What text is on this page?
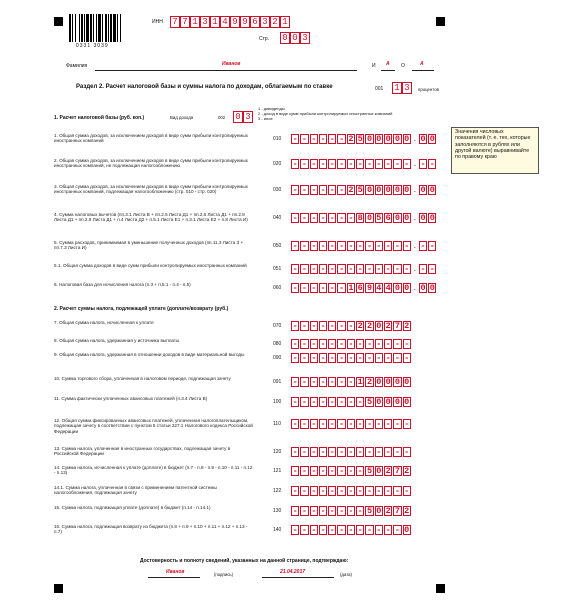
0331 3039
ИНН 7 7 1 3 1 4 9 9 6 3 2 1
Стр. 0 0 3
Фамилия	Иванов	И А О	А
Раздел 2. Расчет налоговой базы и суммы налога по доходам, облагаемым по ставке	001 1 3	процентов
1. Расчет налоговой базы (руб. коп.)	Вид дохода	002 0 3
1 - дивиденды
2 - доход в виде сумм прибыли контролируемых иностранных компаний
3 - иное
Значения числовых показателей (т. е. тех, которые заполняются в рублях или другой валюте) выравнивайте по правому краю
1. Общая сумма доходов, за исключением доходов в виде сумм прибыли контролируемых иностранных компаний	010 - - - - - - 2 5 0 0 0 0 0 . 0 0
2. Общая сумма доходов, за исключением доходов в виде сумм прибыли контролируемых иностранных компаний, не подлежащая налогообложению	020 - - - - - - - - - - - - - . - -
3. Общая сумма доходов, за исключением доходов в виде сумм прибыли контролируемых иностранных компаний, подлежащая налогообложению (стр. 010 - стр. 020)	030 - - - - - - 2 5 0 0 0 0 0 . 0 0
4. Сумма налоговых вычетов (пп.3.1 Листа В + пп.2.5 Листа Д1 + пп.2.6 Листа Д1 + пп.2.8 Листа Д1 + пп.2.9 Листа Д1 + п.4 Листа Д2 + п.5.1 Листа Е1 + п.3.1 Листа Е2 + п.8 Листа И)	040 - - - - - - - 8 0 5 6 0 0 . 0 0
5. Сумма расходов, принимаемая в уменьшение полученных доходов (пп.11.3 Листа З + пп.7.3 Листа И)	050 - - - - - - - - - - - - - . - -
5.1. Общая сумма доходов в виде сумм прибыли контролируемых иностранных компаний
051 - - - - - - - - - - - - - . - -
6. Налоговая база для исчисления налога (п.3 + п.5.1 - п.4 - п.5)
060 - - - - - - 1 6 9 4 4 0 0 . 0 0
2. Расчет суммы налога, подлежащей уплате (доплате/возврату (руб.)
7. Общая сумма налога, исчисленная к уплате
070 - - - - - - - 2 2 0 2 7 2
8. Общая сумма налога, удержанная у источника выплаты
080 - - - - - - - - - - - - -
9. Общая сумма налога, удержанная в отношении доходов в виде материальной выгоды
090 - - - - - - - - - - - - -
10. Сумма торгового сбора, уплаченная в налоговом периоде, подлежащая зачету
091 - - - - - - - 1 2 0 0 0 0
11. Сумма фактически уплаченных авансовых платежей (п.3.4 Листа В)
100 - - - - - - - - 5 0 0 0 0
12. Общая сумма фиксированных авансовых платежей, уплаченная налогоплательщиком, подлежащая зачету в соответствии с пунктом 5 статьи 227.1 Налогового кодекса Российской Федерации
110 - - - - - - - - - - - - -
13. Сумма налога, уплаченная в иностранных государствах, подлежащая зачету в Российской Федерации	120 - - - - - - - - - - - - -
14. Сумма налога, исчисленная к уплате (доплате) в бюджет (п.7 - п.8 - п.9 - п.10 - п.11 - п.12 - п.13)	121 - - - - - - - - 5 0 2 7 2
14.1. Сумма налога, уплаченная в связи с применением патентной системы налогообложения, подлежащая зачету	122 - - - - - - - - - - - - -
15. Сумма налога, подлежащая уплате (доплате) в бюджет (п.14 - п.14.1)
130 - - - - - - - - 5 0 2 7 2
16. Сумма налога, подлежащая возврату из бюджета (п.8 + п.9 + п.10 + п.11 + п.12 + п.13 - п.7)	140 - - - - - - - - - - - - 0
Достоверность и полноту сведений, указанных на данной странице, подтверждаю:
Иванов	(подпись)	21.04.2017	(дата)
